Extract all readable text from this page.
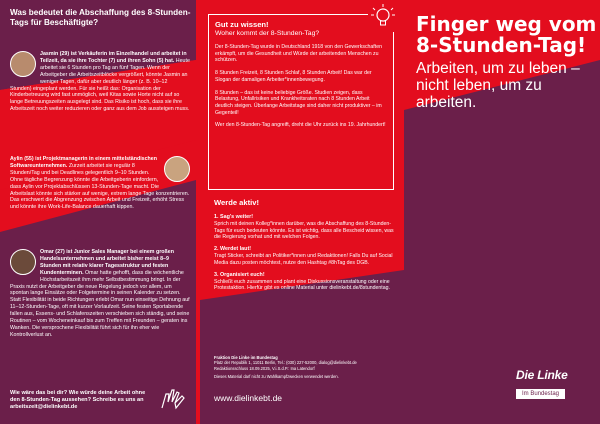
Was bedeutet die Abschaffung des 8-Stunden-Tags für Beschäftigte?
Jasmin (29) ist Verkäuferin im Einzelhandel und arbeitet in Teilzeit, da sie ihre Tochter (7) und ihren Sohn (5) hat. Heute arbeitet sie 6 Stunden pro Tag an fünf Tagen. Wenn der Arbeitgeber die Arbeitszeitblöcke vergrößert, könnte Jasmin an weniger Tagen, dafür aber deutlich länger (z. B. 10–12 Stunden) eingeplant werden. Für sie heißt das: Organisation der Kinderbetreuung wird fast unmöglich, weil Kitas sowie Horte nicht auf so lange Betreuungszeiten ausgelegt sind. Das Risiko ist hoch, dass sie ihre Arbeitszeit noch weiter reduzieren oder ganz aus dem Job aussteigen muss.
Aylin (55) ist Projektmanagerin in einem mittelständischen Softwareunternehmen. Zurzeit arbeitet sie regulär 8 Stunden/Tag und bei Deadlines gelegentlich 9–10 Stunden. Ohne tägliche Begrenzung könnte die Arbeitgeberin einfordern, dass Aylin vor Projektabschlüssen 13-Stunden-Tage macht. Die Arbeitslast könnte sich stärker auf wenige, extrem lange Tage konzentrieren. Das erschwert die Abgrenzung zwischen Arbeit und Freizeit, erhöht Stress und könnte ihre Work-Life-Balance dauerhaft kippen.
Omar (27) ist Junior Sales Manager bei einem großen Handelsunternehmen und arbeitet bisher meist 8–9 Stunden mit relativ klarer Tagesstruktur und festen Kundenterminen. Omar hatte gehofft, dass die wöchentliche Höchstarbeitszeit ihm mehr Selbstbestimmung bringt. In der Praxis nutzt der Arbeitgeber die neue Regelung jedoch vor allem, um spontan lange Einsätze oder Folgetermine in seinen Kalender zu setzen. Statt Flexibilität in beide Richtungen erlebt Omar nun einseitige Dehnung auf 11–12-Stunden-Tage, oft mit kurzer Vorlaufzeit. Seine festen Sportabende fallen aus, Essens- und Schlafenszeiten verschieben sich ständig, und seine Routinen – vom Wocheneinkauf bis zum Treffen mit Freunden – geraten ins Wanken. Die versprochene Flexibilität führt sich für ihn eher wie Kontrollverlust an.
Wie wäre das bei dir? Wie würde deine Arbeit ohne den 8-Stunden-Tag aussehen? Schreibe es uns an arbeitszeit@dielinkebt.de
Gut zu wissen!
Woher kommt der 8-Stunden-Tag?
Der 8-Stunden-Tag wurde in Deutschland 1918 von den Gewerkschaften erkämpft, um die Gesundheit und Würde der arbeitenden Menschen zu schützen.
8 Stunden Freizeit, 8 Stunden Schlaf, 8 Stunden Arbeit! Das war der Slogan der damaligen Arbeiter*innenbewegung.
8 Stunden – das ist keine beliebige Größe. Studien zeigen, dass Belastung, Unfallrisiken und Krankheitsraten nach 8 Stunden Arbeit deutlich steigen. Überlange Arbeitstage sind daher nicht produktiver – im Gegenteil!
Wer den 8-Stunden-Tag angreift, dreht die Uhr zurück ins 19. Jahrhundert!
Werde aktiv!
1. Sag's weiter!
Sprich mit deinen Kolleg*innen darüber, was die Abschaffung des 8-Stunden-Tags für euch bedeuten könnte. Es ist wichtig, dass alle Bescheid wissen, was die Regierung vorhat und mit welchen Folgen.
2. Werdet laut!
Tragt Sticker, schreibt an Politiker*innen und Redaktionen! Falls Du auf Social Media dazu posten möchtest, nutze den Hashtag #8hTag des DGB.
3. Organisiert euch!
Schließt euch zusammen und plant eine Diskussionsveranstaltung oder eine Protestaktion. Hierfür gibt es online Material unter dielinkebt.de/8stundentag.
Fraktion Die Linke im Bundestag
Platz der Republik 1, 11011 Berlin, Tel.: (030) 227-52000, dialog@dielinkebt.de
Redaktionsschluss 18.09.2025, V.i.S.d.P.: Ina Latendorf
Dieses Material darf nicht zu Wahlkampfzwecken verwendet werden.
www.dielinkebt.de
Finger weg vom 8-Stunden-Tag!
Arbeiten, um zu leben – nicht leben, um zu arbeiten.
Die Linke
Im Bundestag
